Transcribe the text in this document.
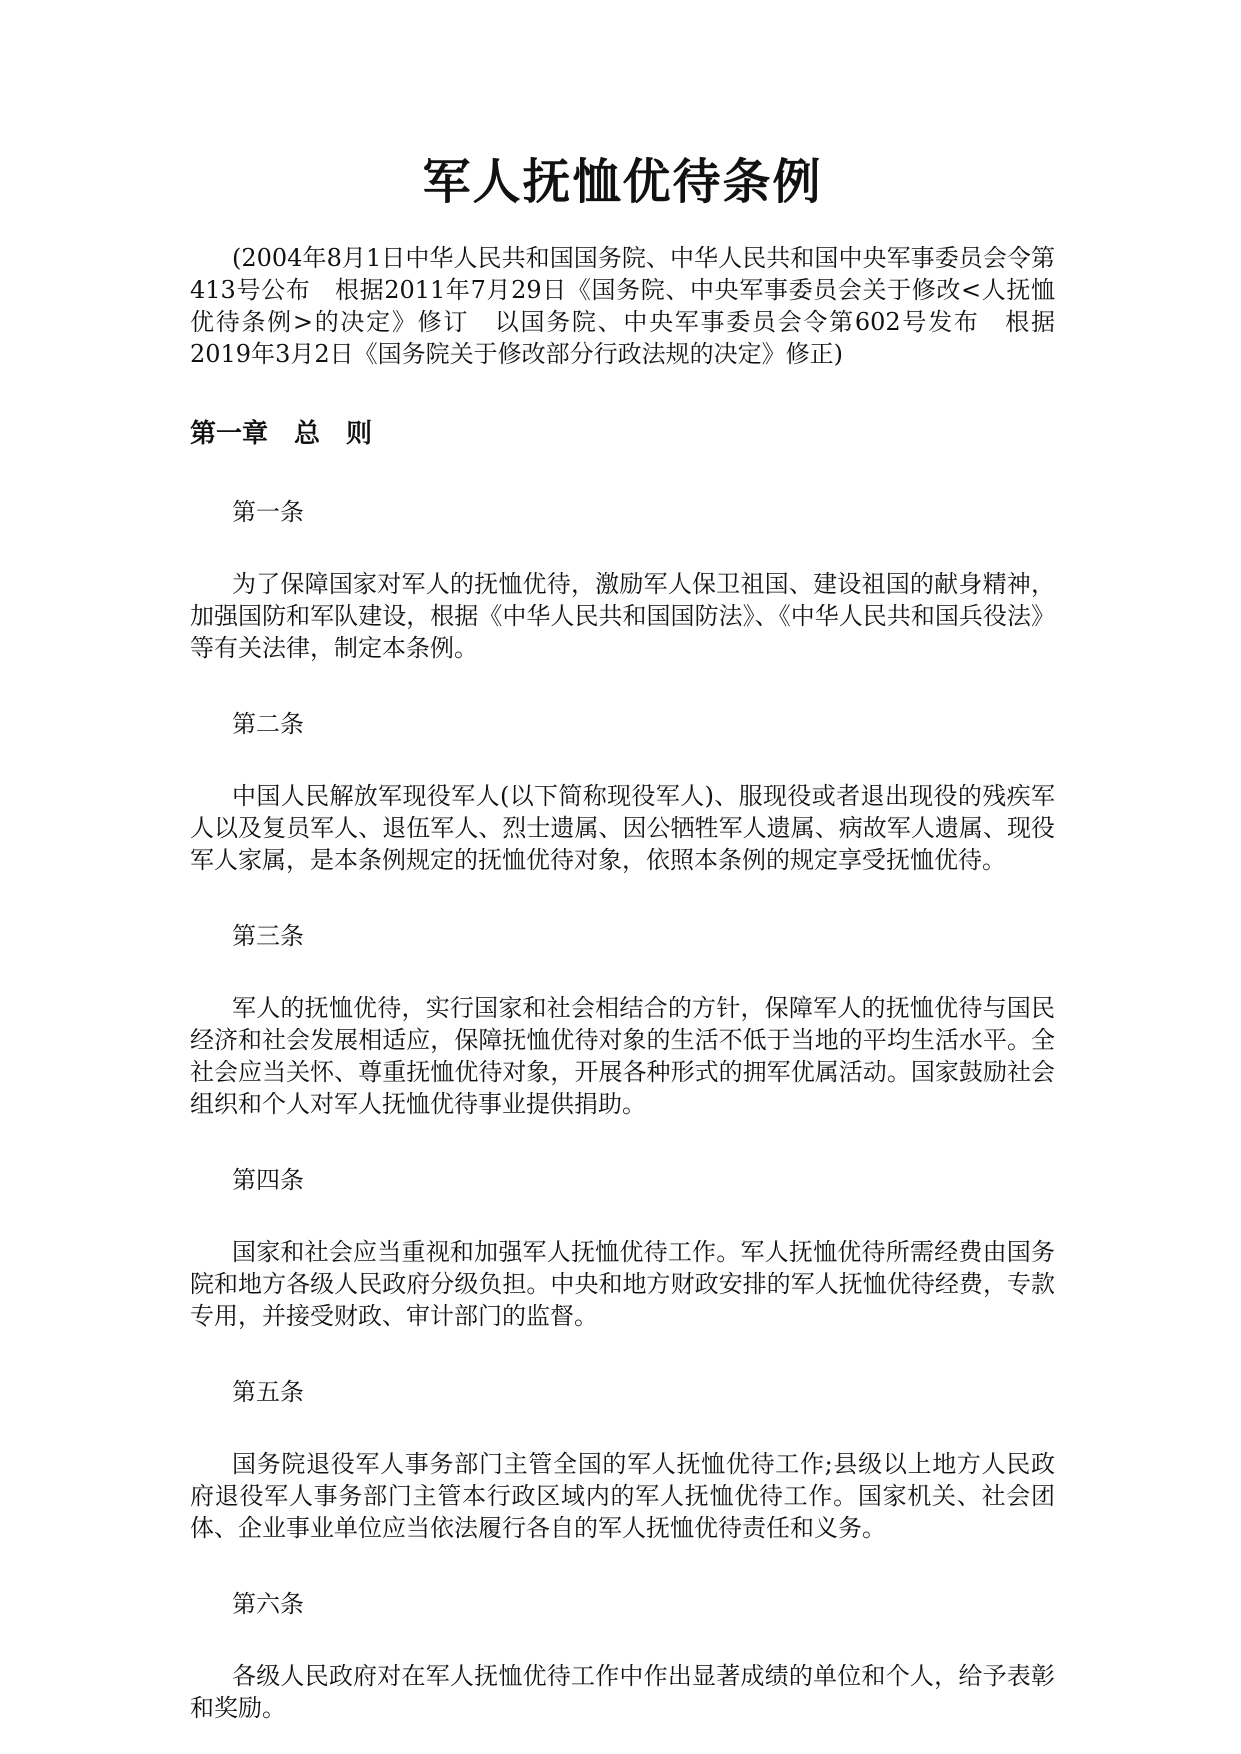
军人抚恤优待条例

(2004年8月1日中华人民共和国国务院、中华人民共和国中央军事委员会令第413号公布　根据2011年7月29日《国务院、中央军事委员会关于修改<人抚恤优待条例>的决定》修订　以国务院、中央军事委员会令第602号发布　根据2019年3月2日《国务院关于修改部分行政法规的决定》修正)

第一章　总　则

第一条

为了保障国家对军人的抚恤优待，激励军人保卫祖国、建设祖国的献身精神，加强国防和军队建设，根据《中华人民共和国国防法》、《中华人民共和国兵役法》等有关法律，制定本条例。

第二条

中国人民解放军现役军人(以下简称现役军人)、服现役或者退出现役的残疾军人以及复员军人、退伍军人、烈士遗属、因公牺牲军人遗属、病故军人遗属、现役军人家属，是本条例规定的抚恤优待对象，依照本条例的规定享受抚恤优待。

第三条

军人的抚恤优待，实行国家和社会相结合的方针，保障军人的抚恤优待与国民经济和社会发展相适应，保障抚恤优待对象的生活不低于当地的平均生活水平。全社会应当关怀、尊重抚恤优待对象，开展各种形式的拥军优属活动。国家鼓励社会组织和个人对军人抚恤优待事业提供捐助。

第四条

国家和社会应当重视和加强军人抚恤优待工作。军人抚恤优待所需经费由国务院和地方各级人民政府分级负担。中央和地方财政安排的军人抚恤优待经费，专款专用，并接受财政、审计部门的监督。

第五条

国务院退役军人事务部门主管全国的军人抚恤优待工作;县级以上地方人民政府退役军人事务部门主管本行政区域内的军人抚恤优待工作。国家机关、社会团体、企业事业单位应当依法履行各自的军人抚恤优待责任和义务。

第六条

各级人民政府对在军人抚恤优待工作中作出显著成绩的单位和个人，给予表彰和奖励。
